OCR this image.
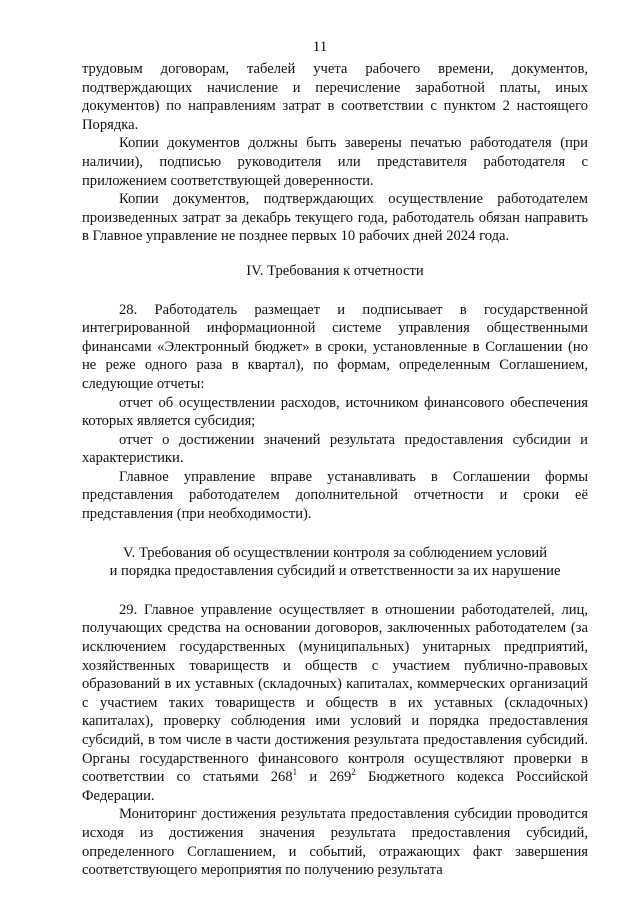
11

трудовым договорам, табелей учета рабочего времени, документов, подтверждающих начисление и перечисление заработной платы, иных документов) по направлениям затрат в соответствии с пунктом 2 настоящего Порядка.

Копии документов должны быть заверены печатью работодателя (при наличии), подписью руководителя или представителя работодателя с приложением соответствующей доверенности.

Копии документов, подтверждающих осуществление работодателем произведенных затрат за декабрь текущего года, работодатель обязан направить в Главное управление не позднее первых 10 рабочих дней 2024 года.

IV. Требования к отчетности

28. Работодатель размещает и подписывает в государственной интегрированной информационной системе управления общественными финансами «Электронный бюджет» в сроки, установленные в Соглашении (но не реже одного раза в квартал), по формам, определенным Соглашением, следующие отчеты:

отчет об осуществлении расходов, источником финансового обеспечения которых является субсидия;

отчет о достижении значений результата предоставления субсидии и характеристики.

Главное управление вправе устанавливать в Соглашении формы представления работодателем дополнительной отчетности и сроки её представления (при необходимости).

V. Требования об осуществлении контроля за соблюдением условий
и порядка предоставления субсидий и ответственности за их нарушение

29. Главное управление осуществляет в отношении работодателей, лиц, получающих средства на основании договоров, заключенных работодателем (за исключением государственных (муниципальных) унитарных предприятий, хозяйственных товариществ и обществ с участием публично-правовых образований в их уставных (складочных) капиталах, коммерческих организаций с участием таких товариществ и обществ в их уставных (складочных) капиталах), проверку соблюдения ими условий и порядка предоставления субсидий, в том числе в части достижения результата предоставления субсидий. Органы государственного финансового контроля осуществляют проверки в соответствии со статьями $268^1$ и $269^2$ Бюджетного кодекса Российской Федерации.

Мониторинг достижения результата предоставления субсидии проводится исходя из достижения значения результата предоставления субсидий, определенного Соглашением, и событий, отражающих факт завершения соответствующего мероприятия по получению результата
